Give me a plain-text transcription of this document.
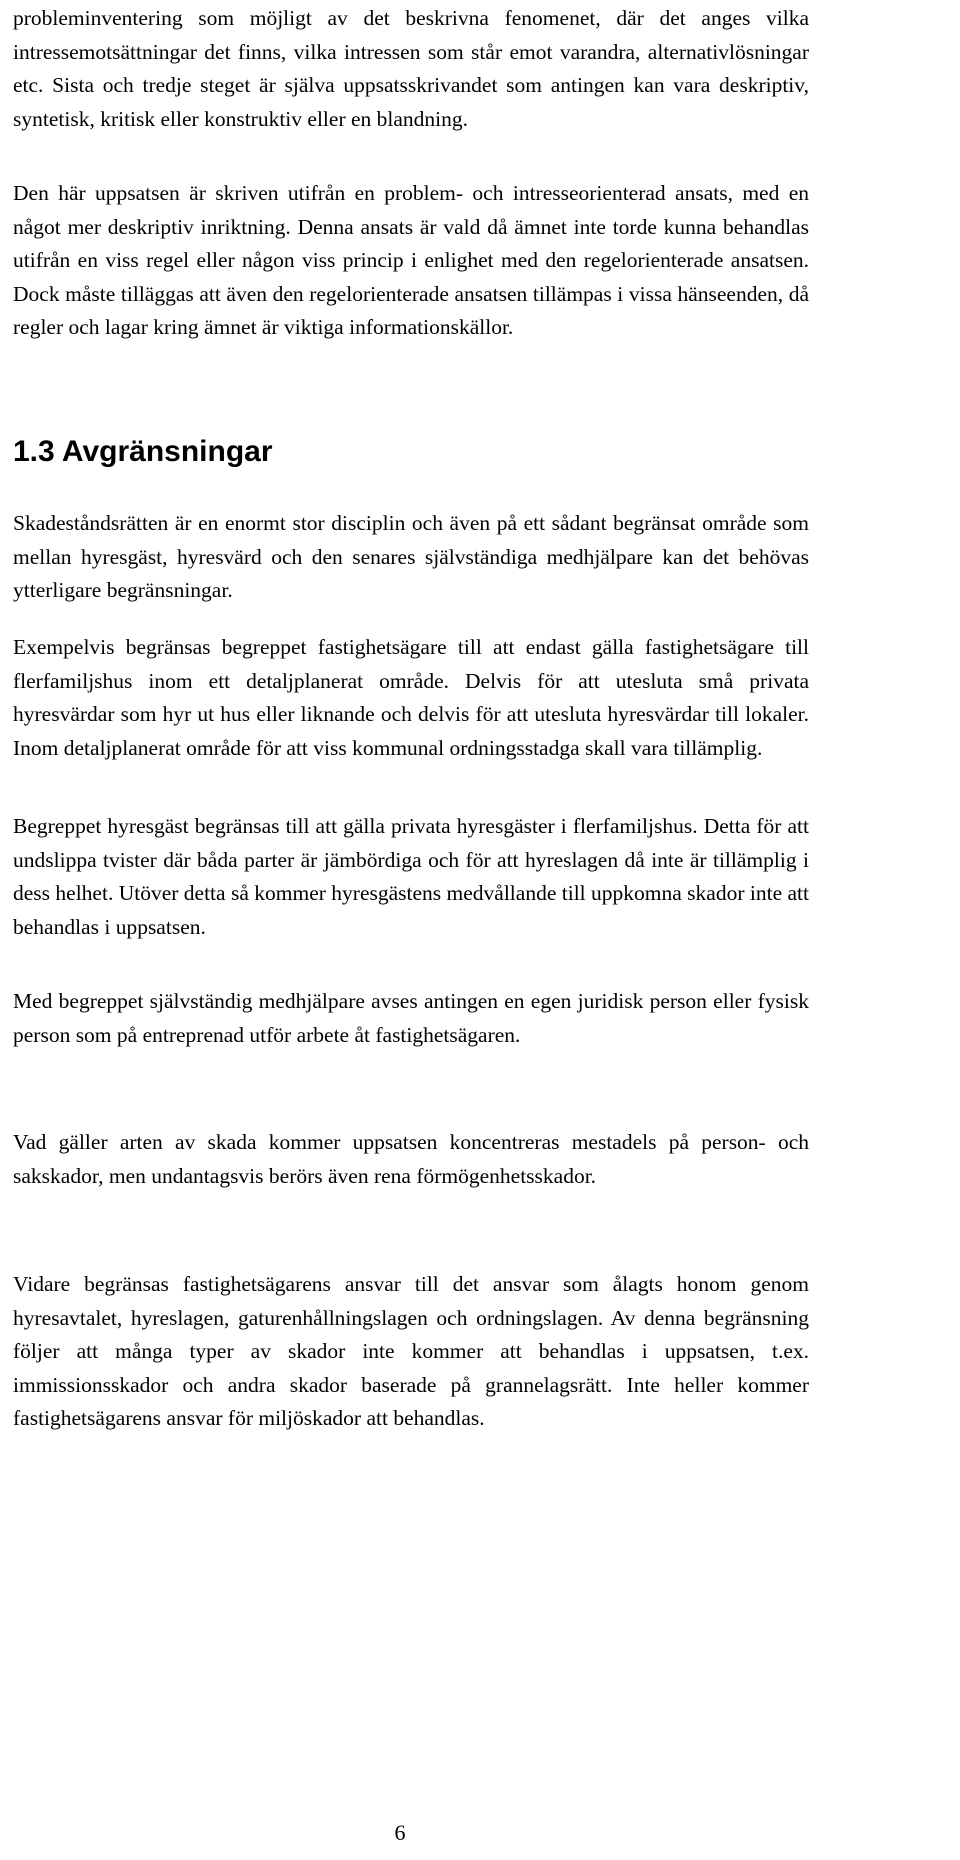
probleminventering som möjligt av det beskrivna fenomenet, där det anges vilka intressemotsättningar det finns, vilka intressen som står emot varandra, alternativlösningar etc. Sista och tredje steget är själva uppsatsskrivandet som antingen kan vara deskriptiv, syntetisk, kritisk eller konstruktiv eller en blandning.

Den här uppsatsen är skriven utifrån en problem- och intresseorienterad ansats, med en något mer deskriptiv inriktning. Denna ansats är vald då ämnet inte torde kunna behandlas utifrån en viss regel eller någon viss princip i enlighet med den regelorienterade ansatsen. Dock måste tilläggas att även den regelorienterade ansatsen tillämpas i vissa hänseenden, då regler och lagar kring ämnet är viktiga informationskällor.

1.3 Avgränsningar

Skadeståndsrätten är en enormt stor disciplin och även på ett sådant begränsat område som mellan hyresgäst, hyresvärd och den senares självständiga medhjälpare kan det behövas ytterligare begränsningar.

Exempelvis begränsas begreppet fastighetsägare till att endast gälla fastighetsägare till flerfamiljshus inom ett detaljplanerat område. Delvis för att utesluta små privata hyresvärdar som hyr ut hus eller liknande och delvis för att utesluta hyresvärdar till lokaler. Inom detaljplanerat område för att viss kommunal ordningsstadga skall vara tillämplig.

Begreppet hyresgäst begränsas till att gälla privata hyresgäster i flerfamiljshus. Detta för att undslippa tvister där båda parter är jämbördiga och för att hyreslagen då inte är tillämplig i dess helhet. Utöver detta så kommer hyresgästens medvållande till uppkomna skador inte att behandlas i uppsatsen.

Med begreppet självständig medhjälpare avses antingen en egen juridisk person eller fysisk person som på entreprenad utför arbete åt fastighetsägaren.

Vad gäller arten av skada kommer uppsatsen koncentreras mestadels på person- och sakskador, men undantagsvis berörs även rena förmögenhetsskador.

Vidare begränsas fastighetsägarens ansvar till det ansvar som ålagts honom genom hyresavtalet, hyreslagen, gaturenhållningslagen och ordningslagen. Av denna begränsning följer att många typer av skador inte kommer att behandlas i uppsatsen, t.ex. immissionsskador och andra skador baserade på grannelagsrätt. Inte heller kommer fastighetsägarens ansvar för miljöskador att behandlas.

6
